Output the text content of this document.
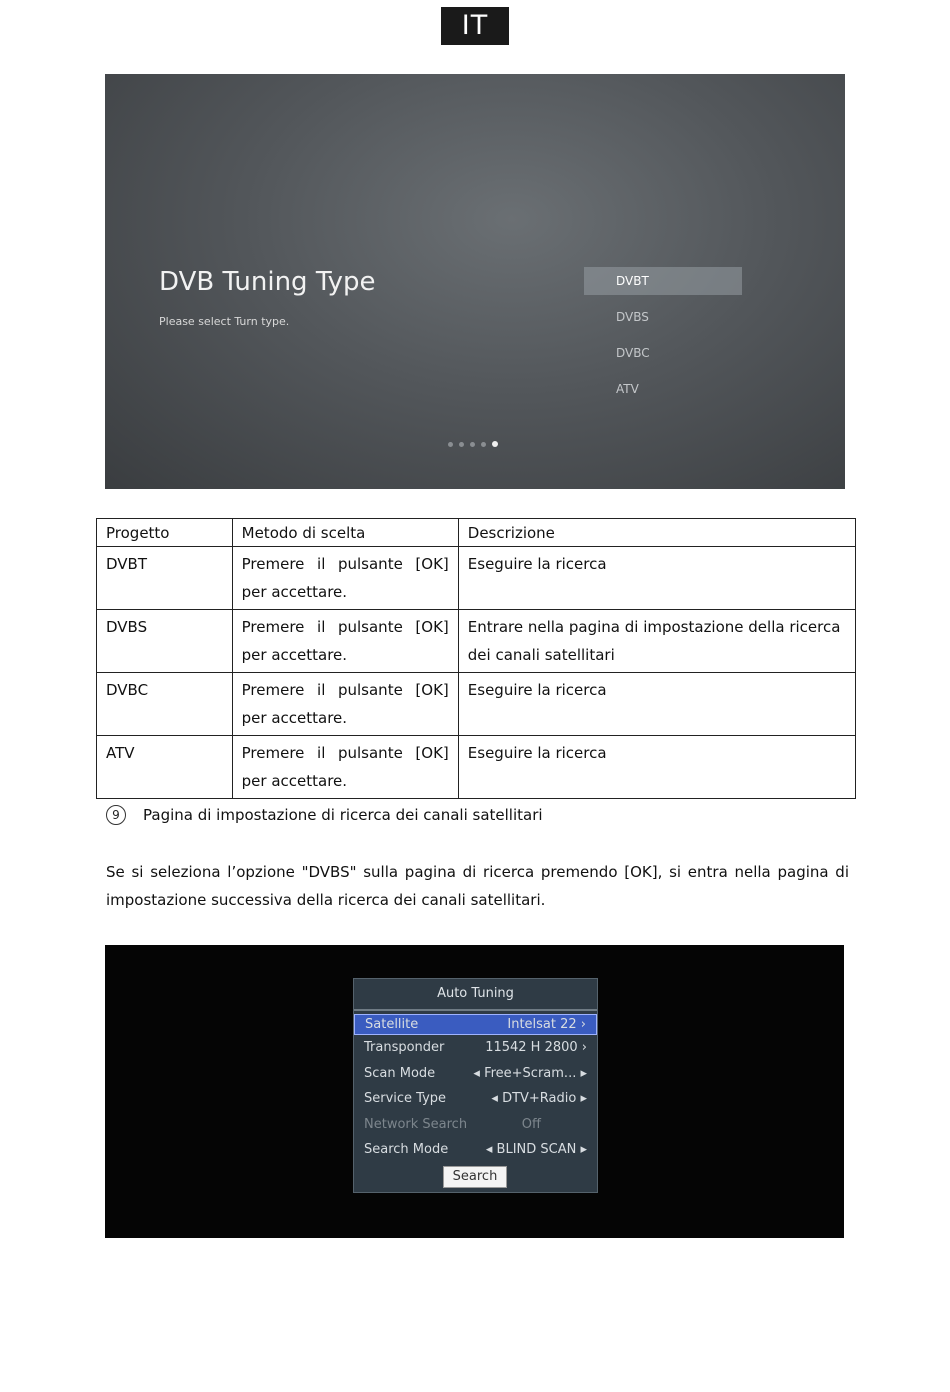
IT
DVB Tuning Type
Please select Turn type.
DVBT
DVBS
DVBC
ATV
Progetto	Metodo di scelta	Descrizione
DVBT	Premere il pulsante [OK] per accettare.	Eseguire la ricerca
DVBS	Premere il pulsante [OK] per accettare.	Entrare nella pagina di impostazione della ricerca dei canali satellitari
DVBC	Premere il pulsante [OK] per accettare.	Eseguire la ricerca
ATV	Premere il pulsante [OK] per accettare.	Eseguire la ricerca
9	Pagina di impostazione di ricerca dei canali satellitari
Se si seleziona l’opzione "DVBS" sulla pagina di ricerca premendo [OK], si entra nella pagina di impostazione successiva della ricerca dei canali satellitari.
Auto Tuning
Satellite	Intelsat 22 ›
Transponder	11542 H 2800 ›
Scan Mode	◂ Free+Scram... ▸
Service Type	◂ DTV+Radio ▸
Network Search	Off
Search Mode	◂ BLIND SCAN ▸
Search
